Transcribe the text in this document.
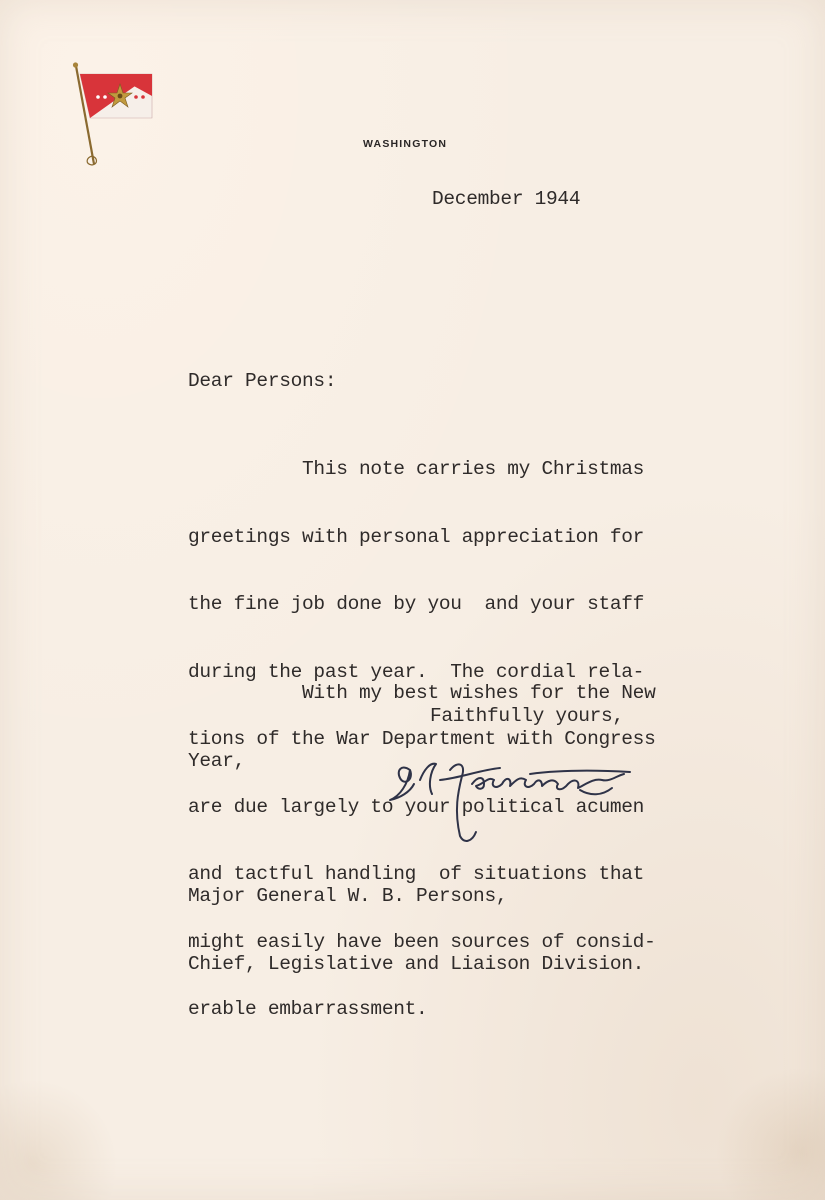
WASHINGTON
December 1944
Dear Persons:

This note carries my Christmas

greetings with personal appreciation for

the fine job done by you  and your staff

during the past year.  The cordial rela-

tions of the War Department with Congress

are due largely to your political acumen

and tactful handling  of situations that

might easily have been sources of consid-

erable embarrassment.

With my best wishes for the New

Year,

Faithfully yours,

Major General W. B. Persons,

Chief, Legislative and Liaison Division.
